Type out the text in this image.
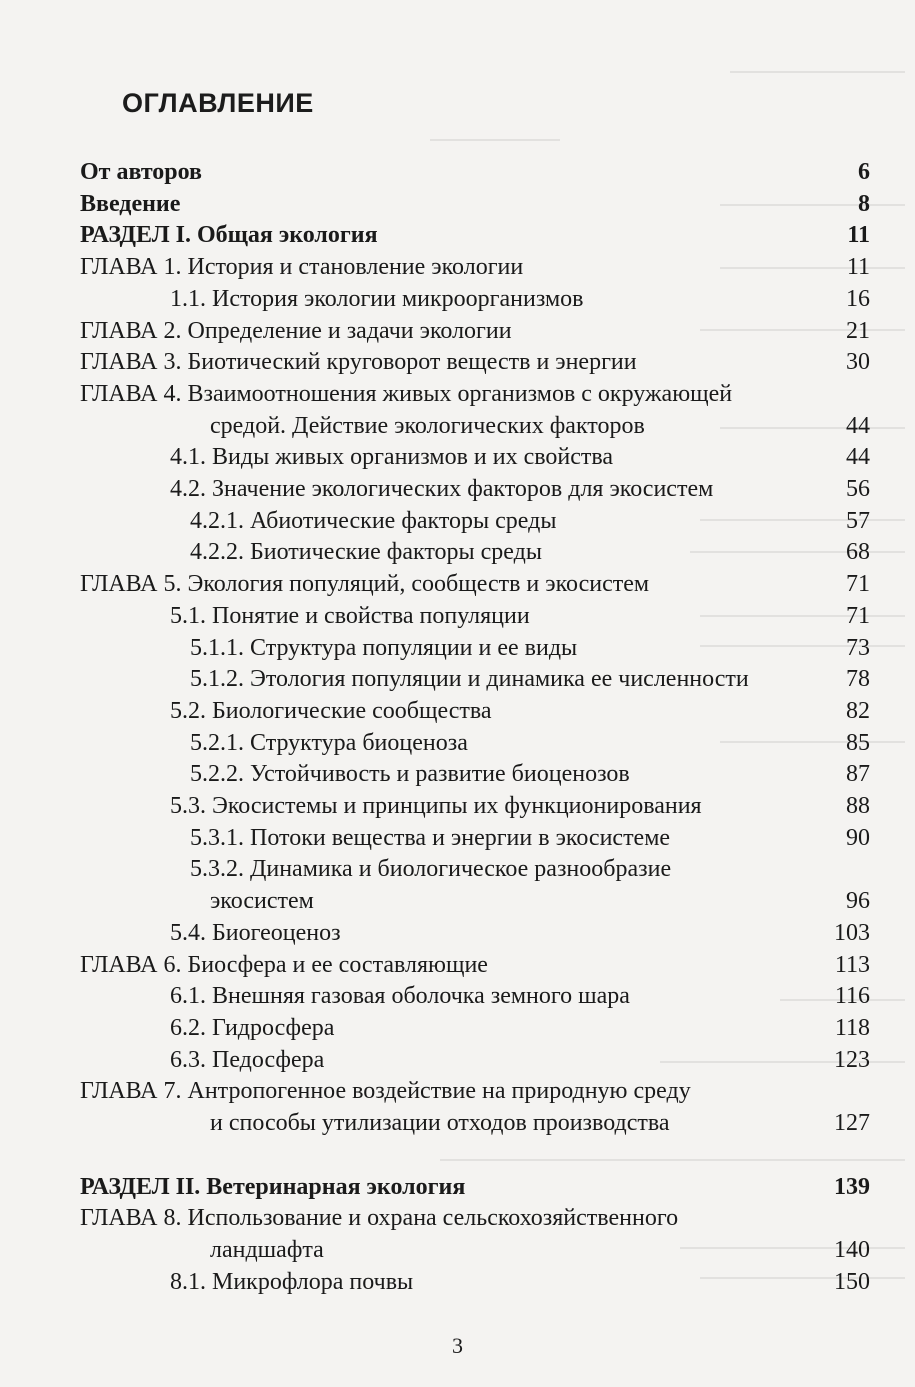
ОГЛАВЛЕНИЕ
От авторов	6
Введение	8
РАЗДЕЛ I. Общая экология	11
ГЛАВА 1. История и становление экологии	11
1.1. История экологии микроорганизмов	16
ГЛАВА 2. Определение и задачи экологии	21
ГЛАВА 3. Биотический круговорот веществ и энергии	30
ГЛАВА 4. Взаимоотношения живых организмов с окружающей
средой. Действие экологических факторов	44
4.1. Виды живых организмов и их свойства	44
4.2. Значение экологических факторов для экосистем	56
4.2.1. Абиотические факторы среды	57
4.2.2. Биотические факторы среды	68
ГЛАВА 5. Экология популяций, сообществ и экосистем	71
5.1. Понятие и свойства популяции	71
5.1.1. Структура популяции и ее виды	73
5.1.2. Этология популяции и динамика ее численности	78
5.2. Биологические сообщества	82
5.2.1. Структура биоценоза	85
5.2.2. Устойчивость и развитие биоценозов	87
5.3. Экосистемы и принципы их функционирования	88
5.3.1. Потоки вещества и энергии в экосистеме	90
5.3.2. Динамика и биологическое разнообразие
экосистем	96
5.4. Биогеоценоз	103
ГЛАВА 6. Биосфера и ее составляющие	113
6.1. Внешняя газовая оболочка земного шара	116
6.2. Гидросфера	118
6.3. Педосфера	123
ГЛАВА 7. Антропогенное воздействие на природную среду
и способы утилизации отходов производства	127
РАЗДЕЛ II. Ветеринарная экология	139
ГЛАВА 8. Использование и охрана сельскохозяйственного
ландшафта	140
8.1. Микрофлора почвы	150
3
